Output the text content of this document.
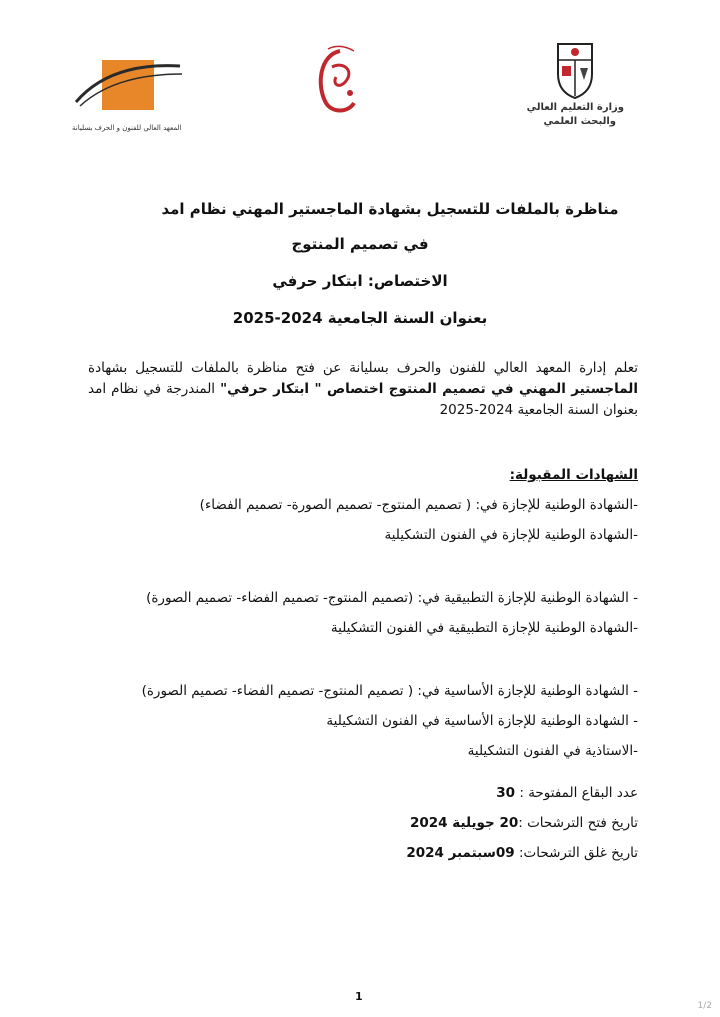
المعهد العالي للفنون و الحرف بسليانة
وزارة التعليم العالي
والبحث العلمي
مناظرة بالملفات للتسجيل بشهادة الماجستير المهني نظام امد
في تصميم المنتوج
الاختصاص: ابتكار حرفي
بعنوان السنة الجامعية 2024-2025
تعلم إدارة المعهد العالي للفنون والحرف بسليانة عن فتح مناظرة بالملفات للتسجيل بشهادة الماجستير المهني في تصميم المنتوج اختصاص " ابتكار حرفي" المندرجة في نظام امد بعنوان السنة الجامعية 2024-2025
الشهادات المقبولة:
-الشهادة الوطنية للإجازة في: ( تصميم المنتوج- تصميم الصورة- تصميم الفضاء)
-الشهادة الوطنية للإجازة في الفنون التشكيلية
- الشهادة الوطنية للإجازة التطبيقية في: (تصميم المنتوج- تصميم الفضاء- تصميم الصورة)
-الشهادة الوطنية للإجازة التطبيقية في الفنون التشكيلية
- الشهادة الوطنية للإجازة الأساسية في: ( تصميم المنتوج- تصميم الفضاء- تصميم الصورة)
- الشهادة الوطنية للإجازة الأساسية في الفنون التشكيلية
-الاستاذية في الفنون التشكيلية
عدد البقاع المفتوحة : 30
تاريخ فتح الترشحات :20 جويلية 2024
تاريخ غلق الترشحات: 09سبتمبر 2024
1
1/2
